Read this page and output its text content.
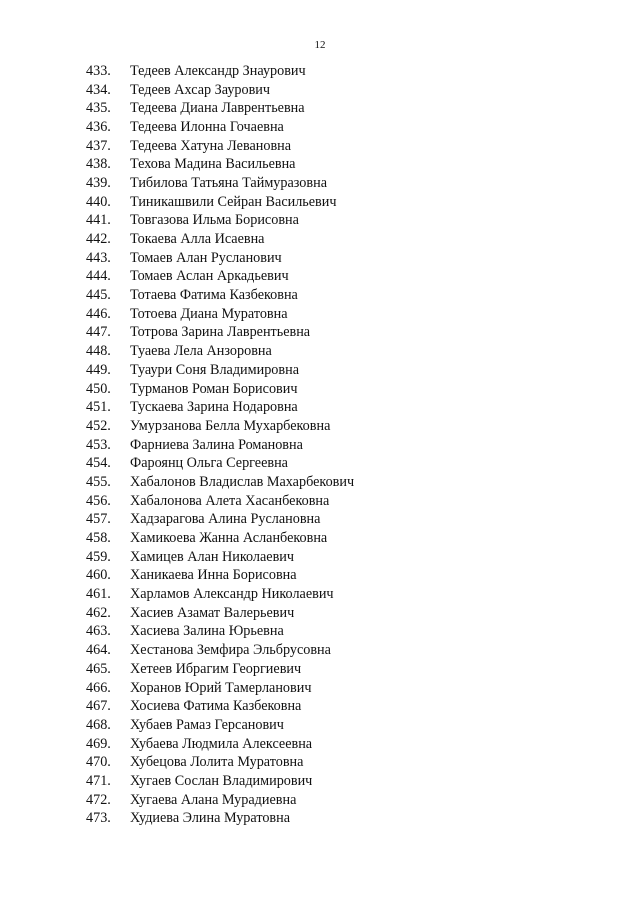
12
433.	Тедеев Александр Знаурович
434.	Тедеев Ахсар Заурович
435.	Тедеева Диана Лаврентьевна
436.	Тедеева Илонна Гочаевна
437.	Тедеева Хатуна Левановна
438.	Техова Мадина Васильевна
439.	Тибилова Татьяна Таймуразовна
440.	Тиникашвили Сейран Васильевич
441.	Товгазова Ильма Борисовна
442.	Токаева Алла Исаевна
443.	Томаев Алан Русланович
444.	Томаев Аслан Аркадьевич
445.	Тотаева Фатима Казбековна
446.	Тотоева Диана Муратовна
447.	Тотрова Зарина Лаврентьевна
448.	Туаева Лела Анзоровна
449.	Туаури Соня Владимировна
450.	Турманов Роман Борисович
451.	Тускаева Зарина Нодаровна
452.	Умурзанова Белла Мухарбековна
453.	Фарниева Залина Романовна
454.	Фароянц Ольга Сергеевна
455.	Хабалонов Владислав Махарбекович
456.	Хабалонова Алета Хасанбековна
457.	Хадзарагова Алина Руслановна
458.	Хамикоева Жанна Асланбековна
459.	Хамицев Алан Николаевич
460.	Ханикаева Инна Борисовна
461.	Харламов Александр Николаевич
462.	Хасиев Азамат Валерьевич
463.	Хасиева Залина Юрьевна
464.	Хестанова Земфира Эльбрусовна
465.	Хетеев Ибрагим Георгиевич
466.	Хоранов Юрий Тамерланович
467.	Хосиева Фатима Казбековна
468.	Хубаев Рамаз Герсанович
469.	Хубаева Людмила Алексеевна
470.	Хубецова Лолита Муратовна
471.	Хугаев Сослан Владимирович
472.	Хугаева Алана Мурадиевна
473.	Худиева Элина Муратовна
